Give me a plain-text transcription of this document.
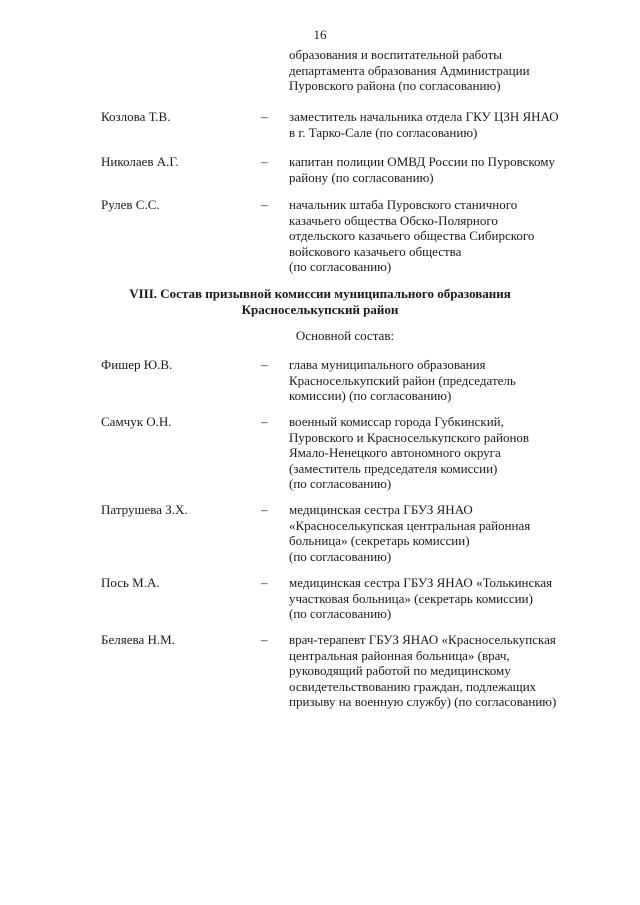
16
образования и воспитательной работы
департамента образования Администрации
Пуровского района (по согласованию)
Козлова Т.В.	– заместитель начальника отдела ГКУ ЦЗН ЯНАО
в г. Тарко-Сале (по согласованию)
Николаев А.Г.	– капитан полиции ОМВД России по Пуровскому
району (по согласованию)
Рулев С.С.	– начальник штаба Пуровского станичного
казачьего общества Обско-Полярного
отдельского казачьего общества Сибирского
войскового казачьего общества
(по согласованию)
VIII. Состав призывной комиссии муниципального образования
Красноселькупский район
Основной состав:
Фишер Ю.В.	– глава муниципального образования
Красноселькупский район (председатель
комиссии) (по согласованию)
Самчук О.Н.	– военный комиссар города Губкинский,
Пуровского и Красноселькупского районов
Ямало-Ненецкого автономного округа
(заместитель председателя комиссии)
(по согласованию)
Патрушева З.Х.	– медицинская сестра ГБУЗ ЯНАО
«Красноселькупская центральная районная
больница» (секретарь комиссии)
(по согласованию)
Пось М.А.	– медицинская сестра ГБУЗ ЯНАО «Толькинская
участковая больница» (секретарь комиссии)
(по согласованию)
Беляева Н.М.	– врач-терапевт ГБУЗ ЯНАО «Красноселькупская
центральная районная больница» (врач,
руководящий работой по медицинскому
освидетельствованию граждан, подлежащих
призыву на военную службу) (по согласованию)
